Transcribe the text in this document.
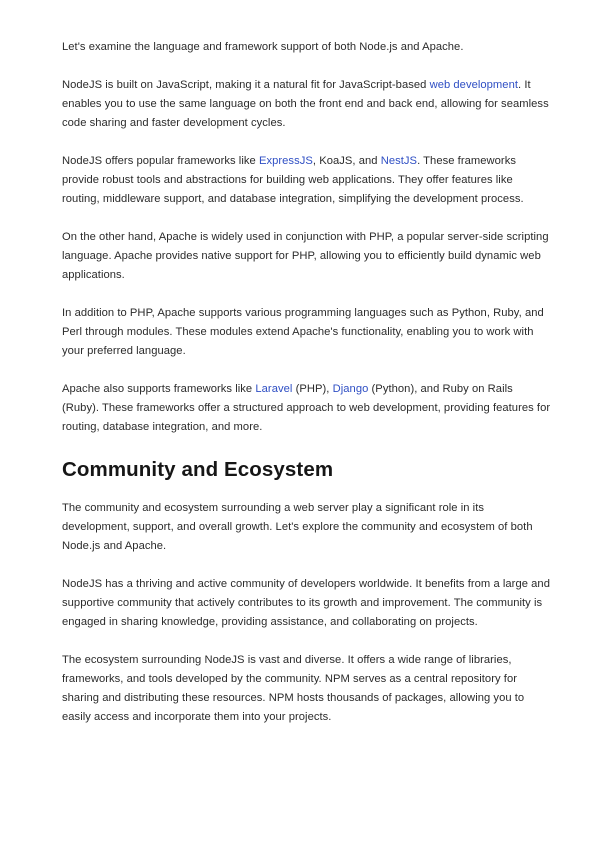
Let's examine the language and framework support of both Node.js and Apache.

NodeJS is built on JavaScript, making it a natural fit for JavaScript-based web development. It enables you to use the same language on both the front end and back end, allowing for seamless code sharing and faster development cycles.

NodeJS offers popular frameworks like ExpressJS, KoaJS, and NestJS. These frameworks provide robust tools and abstractions for building web applications. They offer features like routing, middleware support, and database integration, simplifying the development process.

On the other hand, Apache is widely used in conjunction with PHP, a popular server-side scripting language. Apache provides native support for PHP, allowing you to efficiently build dynamic web applications.

In addition to PHP, Apache supports various programming languages such as Python, Ruby, and Perl through modules. These modules extend Apache's functionality, enabling you to work with your preferred language.

Apache also supports frameworks like Laravel (PHP), Django (Python), and Ruby on Rails (Ruby). These frameworks offer a structured approach to web development, providing features for routing, database integration, and more.

Community and Ecosystem

The community and ecosystem surrounding a web server play a significant role in its development, support, and overall growth. Let's explore the community and ecosystem of both Node.js and Apache.

NodeJS has a thriving and active community of developers worldwide. It benefits from a large and supportive community that actively contributes to its growth and improvement. The community is engaged in sharing knowledge, providing assistance, and collaborating on projects.

The ecosystem surrounding NodeJS is vast and diverse. It offers a wide range of libraries, frameworks, and tools developed by the community. NPM serves as a central repository for sharing and distributing these resources. NPM hosts thousands of packages, allowing you to easily access and incorporate them into your projects.
